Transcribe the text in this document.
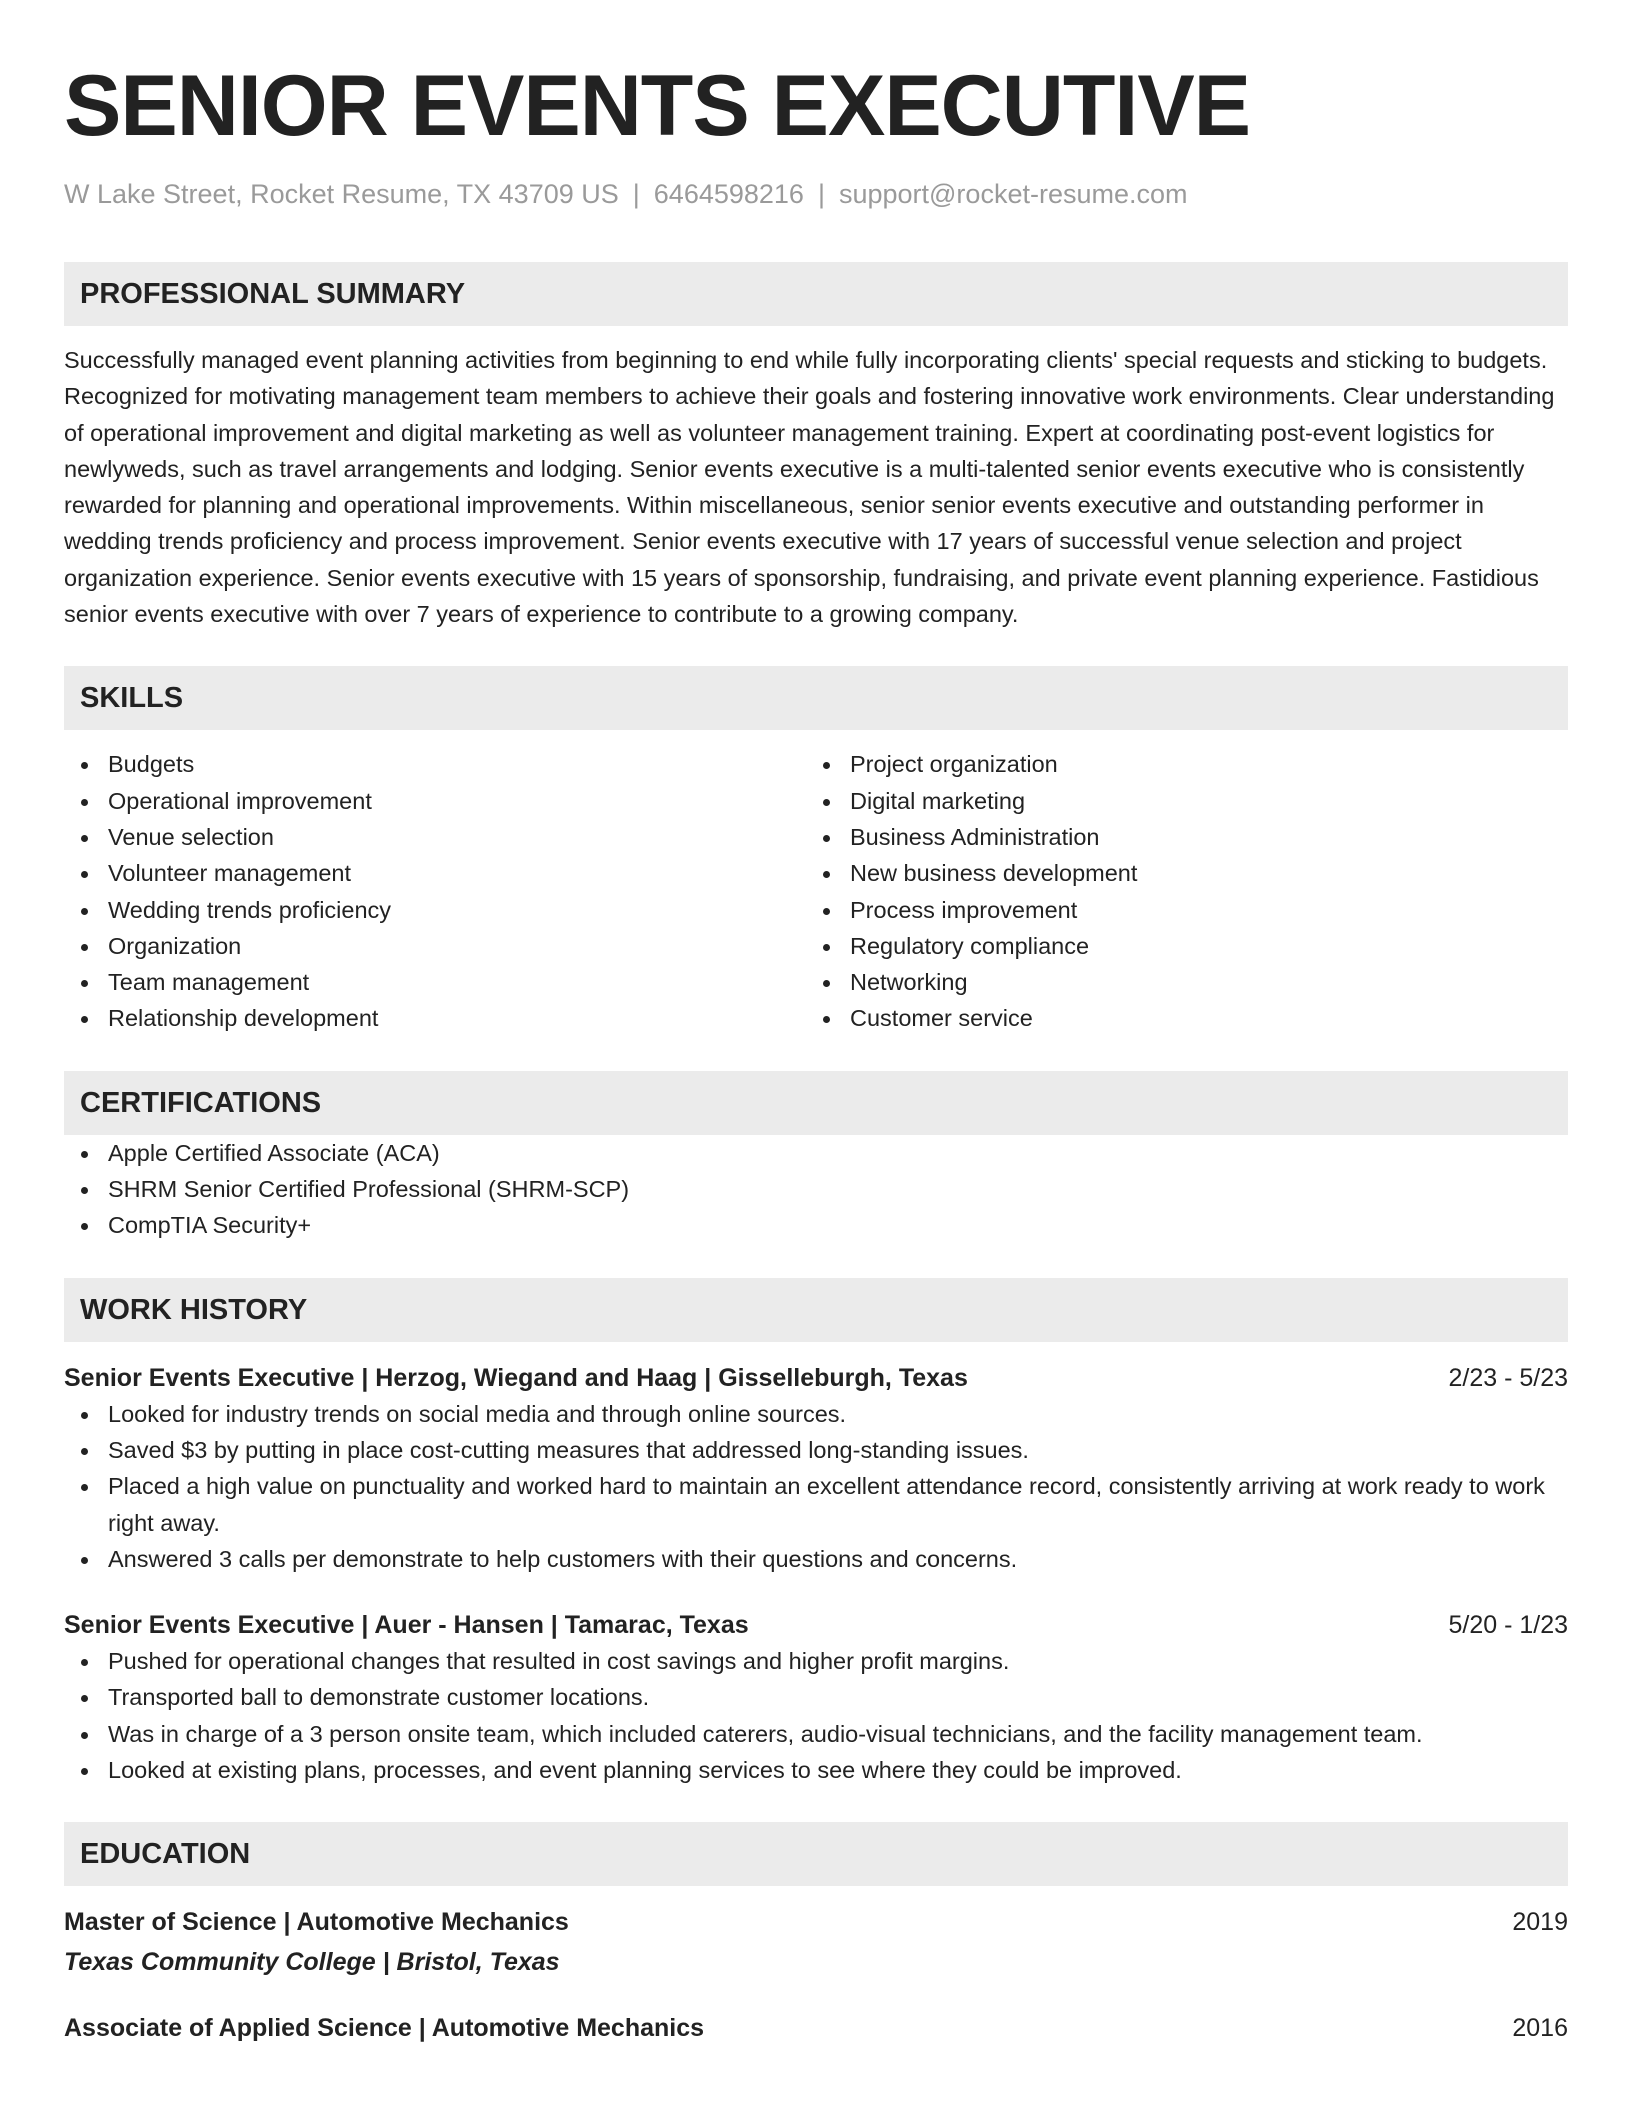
SENIOR EVENTS EXECUTIVE
W Lake Street, Rocket Resume, TX 43709 US | 6464598216 | support@rocket-resume.com
PROFESSIONAL SUMMARY
Successfully managed event planning activities from beginning to end while fully incorporating clients' special requests and sticking to budgets. Recognized for motivating management team members to achieve their goals and fostering innovative work environments. Clear understanding of operational improvement and digital marketing as well as volunteer management training. Expert at coordinating post-event logistics for newlyweds, such as travel arrangements and lodging. Senior events executive is a multi-talented senior events executive who is consistently rewarded for planning and operational improvements. Within miscellaneous, senior senior events executive and outstanding performer in wedding trends proficiency and process improvement. Senior events executive with 17 years of successful venue selection and project organization experience. Senior events executive with 15 years of sponsorship, fundraising, and private event planning experience. Fastidious senior events executive with over 7 years of experience to contribute to a growing company.
SKILLS
Budgets
Operational improvement
Venue selection
Volunteer management
Wedding trends proficiency
Organization
Team management
Relationship development
Project organization
Digital marketing
Business Administration
New business development
Process improvement
Regulatory compliance
Networking
Customer service
CERTIFICATIONS
Apple Certified Associate (ACA)
SHRM Senior Certified Professional (SHRM-SCP)
CompTIA Security+
WORK HISTORY
Senior Events Executive | Herzog, Wiegand and Haag | Gisselleburgh, Texas	2/23 - 5/23
Looked for industry trends on social media and through online sources.
Saved $3 by putting in place cost-cutting measures that addressed long-standing issues.
Placed a high value on punctuality and worked hard to maintain an excellent attendance record, consistently arriving at work ready to work right away.
Answered 3 calls per demonstrate to help customers with their questions and concerns.
Senior Events Executive | Auer - Hansen | Tamarac, Texas	5/20 - 1/23
Pushed for operational changes that resulted in cost savings and higher profit margins.
Transported ball to demonstrate customer locations.
Was in charge of a 3 person onsite team, which included caterers, audio-visual technicians, and the facility management team.
Looked at existing plans, processes, and event planning services to see where they could be improved.
EDUCATION
Master of Science | Automotive Mechanics	2019
Texas Community College | Bristol, Texas
Associate of Applied Science | Automotive Mechanics	2016
